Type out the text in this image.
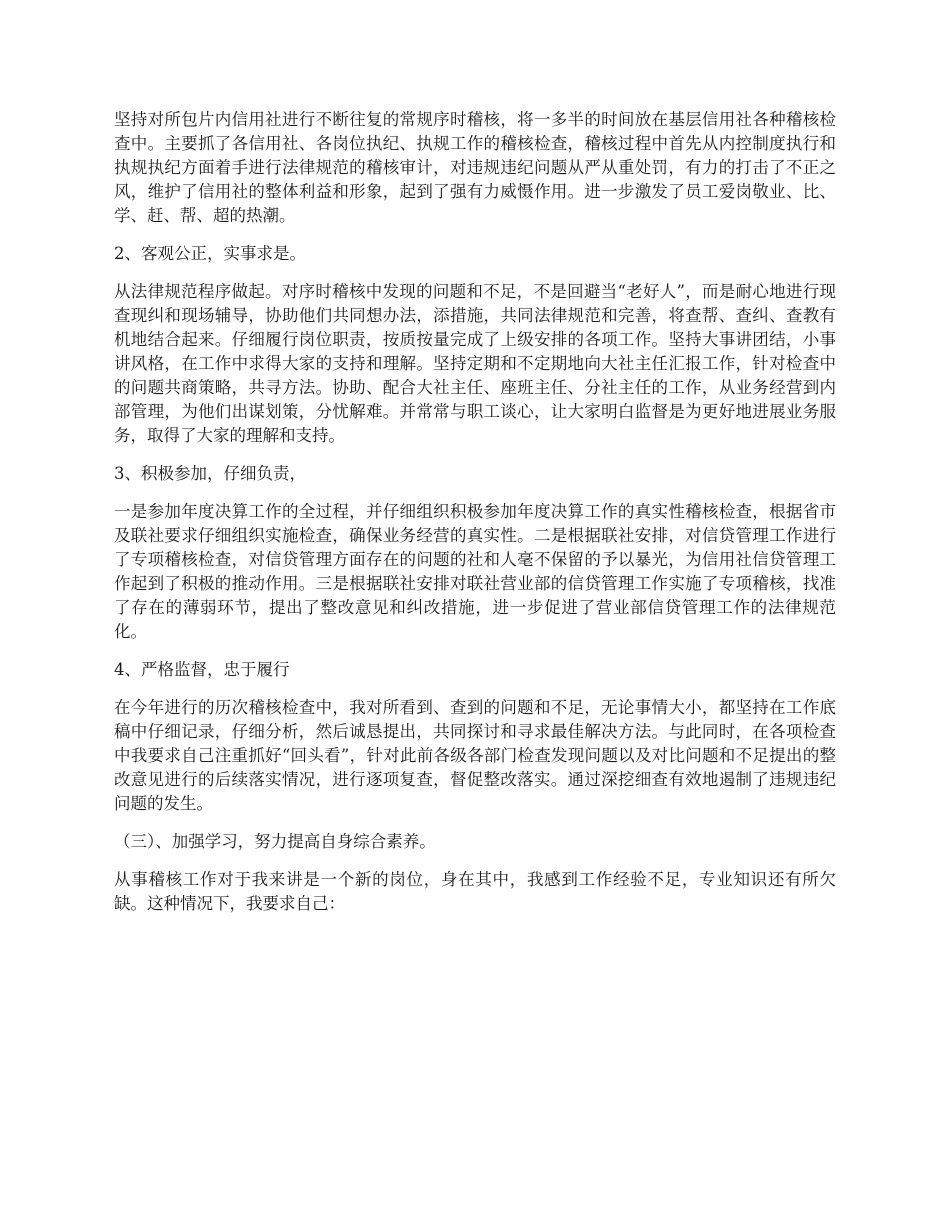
坚持对所包片内信用社进行不断往复的常规序时稽核，将一多半的时间放在基层信用社各种稽核检查中。主要抓了各信用社、各岗位执纪、执规工作的稽核检查，稽核过程中首先从内控制度执行和执规执纪方面着手进行法律规范的稽核审计，对违规违纪问题从严从重处罚，有力的打击了不正之风，维护了信用社的整体利益和形象，起到了强有力威慑作用。进一步激发了员工爱岗敬业、比、学、赶、帮、超的热潮。

2、客观公正，实事求是。

从法律规范程序做起。对序时稽核中发现的问题和不足，不是回避当“老好人”，而是耐心地进行现查现纠和现场辅导，协助他们共同想办法，添措施，共同法律规范和完善，将查帮、查纠、查教有机地结合起来。仔细履行岗位职责，按质按量完成了上级安排的各项工作。坚持大事讲团结，小事讲风格，在工作中求得大家的支持和理解。坚持定期和不定期地向大社主任汇报工作，针对检查中的问题共商策略，共寻方法。协助、配合大社主任、座班主任、分社主任的工作，从业务经营到内部管理，为他们出谋划策，分忧解难。并常常与职工谈心，让大家明白监督是为更好地进展业务服务，取得了大家的理解和支持。

3、积极参加，仔细负责，

一是参加年度决算工作的全过程，并仔细组织积极参加年度决算工作的真实性稽核检查，根据省市及联社要求仔细组织实施检查，确保业务经营的真实性。二是根据联社安排，对信贷管理工作进行了专项稽核检查，对信贷管理方面存在的问题的社和人毫不保留的予以暴光，为信用社信贷管理工作起到了积极的推动作用。三是根据联社安排对联社营业部的信贷管理工作实施了专项稽核，找准了存在的薄弱环节，提出了整改意见和纠改措施，进一步促进了营业部信贷管理工作的法律规范化。

4、严格监督，忠于履行

在今年进行的历次稽核检查中，我对所看到、查到的问题和不足，无论事情大小，都坚持在工作底稿中仔细记录，仔细分析，然后诚恳提出，共同探讨和寻求最佳解决方法。与此同时，在各项检查中我要求自己注重抓好“回头看”，针对此前各级各部门检查发现问题以及对比问题和不足提出的整改意见进行的后续落实情况，进行逐项复查，督促整改落实。通过深挖细查有效地遏制了违规违纪问题的发生。

（三）、加强学习，努力提高自身综合素养。

从事稽核工作对于我来讲是一个新的岗位，身在其中，我感到工作经验不足，专业知识还有所欠缺。这种情况下，我要求自己：
